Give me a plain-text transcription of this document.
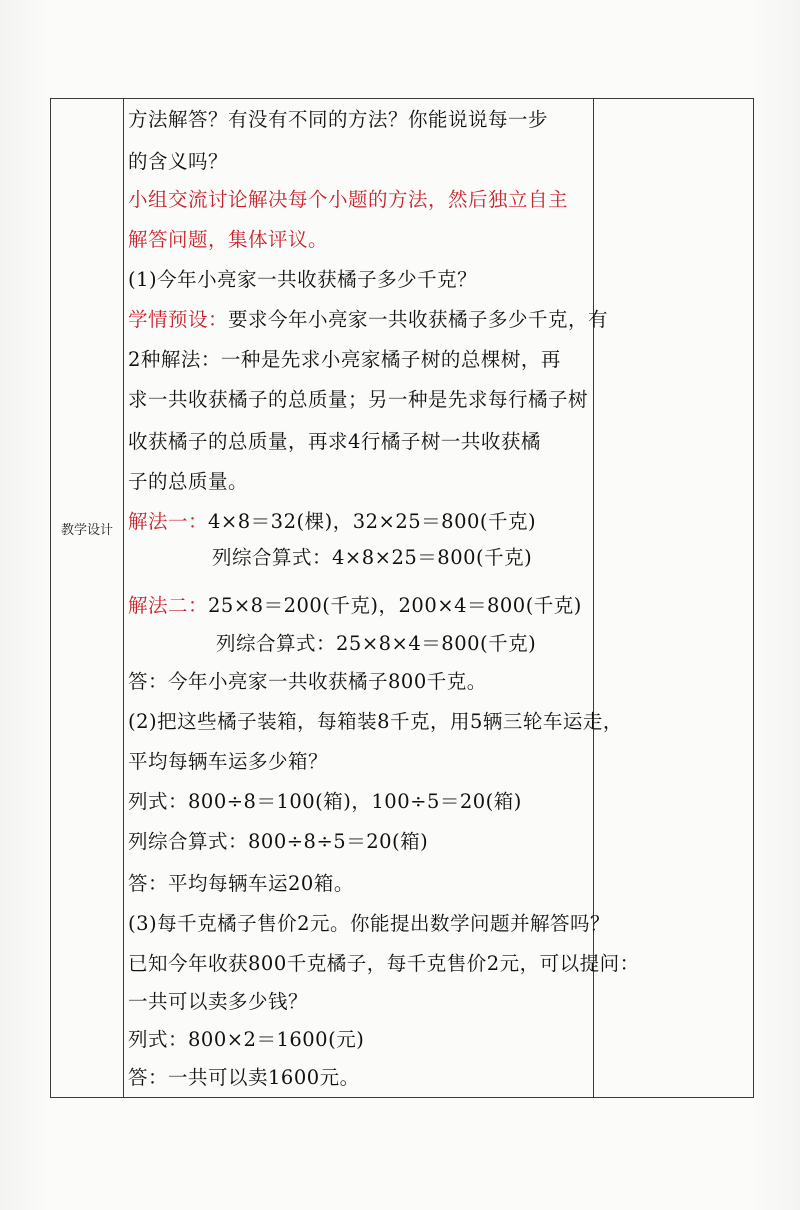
教学设计
方法解答？有没有不同的方法？你能说说每一步
的含义吗？
小组交流讨论解决每个小题的方法，然后独立自主
解答问题，集体评议。
(1)今年小亮家一共收获橘子多少千克？
学情预设：要求今年小亮家一共收获橘子多少千克，有
2种解法：一种是先求小亮家橘子树的总棵树，再
求一共收获橘子的总质量；另一种是先求每行橘子树
收获橘子的总质量，再求4行橘子树一共收获橘
子的总质量。
解法一：4×8＝32(棵)，32×25＝800(千克)
列综合算式：4×8×25＝800(千克)
解法二：25×8＝200(千克)，200×4＝800(千克)
列综合算式：25×8×4＝800(千克)
答：今年小亮家一共收获橘子800千克。
(2)把这些橘子装箱，每箱装8千克，用5辆三轮车运走，
平均每辆车运多少箱？
列式：800÷8＝100(箱)，100÷5＝20(箱)
列综合算式：800÷8÷5＝20(箱)
答：平均每辆车运20箱。
(3)每千克橘子售价2元。你能提出数学问题并解答吗？
已知今年收获800千克橘子，每千克售价2元，可以提问：
一共可以卖多少钱？
列式：800×2＝1600(元)
答：一共可以卖1600元。
